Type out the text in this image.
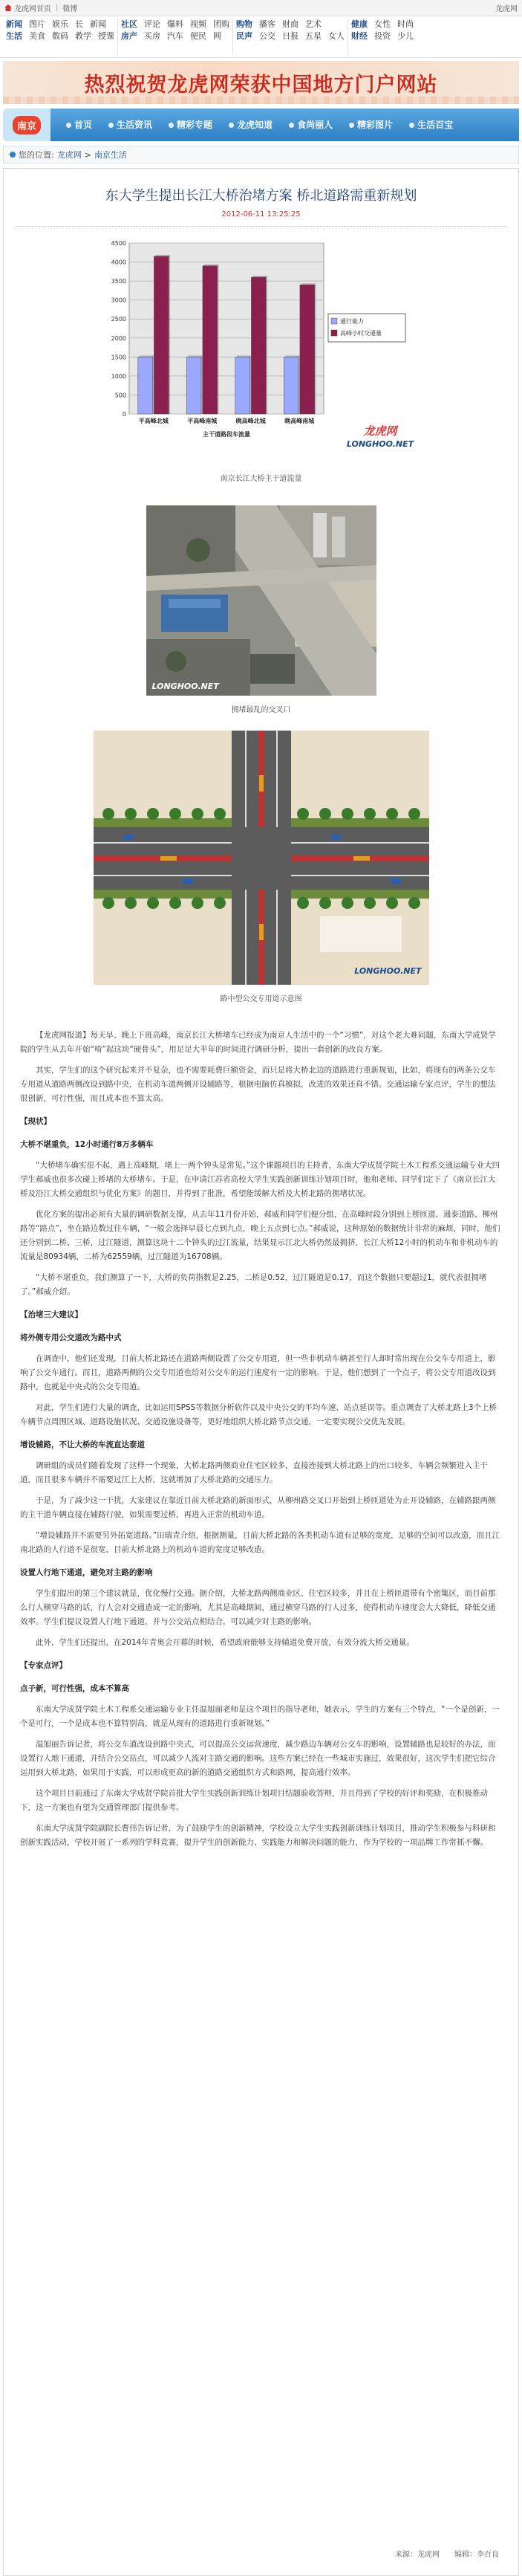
龙虎网首页 | 微博	龙虎网
新闻 图片 娱乐 长 新闻
生活 美食 数码 教学 授课
社区 评论 爆料 视频 团购
房产 买房 汽车 便民 网
购物 播客 财商 艺术
民声 公交 日报 五星 女人
健康 女性 时尚
财经 投资 少儿
热烈祝贺龙虎网荣获中国地方门户网站
南京	首页	生活资讯	精彩专题	龙虎知道	食尚丽人	精彩图片	生活百宝
您的位置: 龙虎网 > 南京生活
东大学生提出长江大桥治堵方案 桥北道路需重新规划
2012-06-11 13:25:25
0
500
1000
1500
2000
2500
3000
3500
4000
4500
平高峰北城	平高峰南城	晚高峰北城	晚高峰南城
主干道路段车流量
通行能力
高峰小时交通量
龙虎网
LONGHOO.NET
南京长江大桥主干道流量
LONGHOO.NET
拥堵最乱的交叉口
LONGHOO.NET
路中型公交专用道示意图

【龙虎网报道】每天早、晚上下班高峰，南京长江大桥堵车已经成为南京人生活中的一个“习惯”，对这个老大难问题，东南大学成贤学院的学生从去年开始“啃”起这块“硬骨头”，用足足大半年的时间进行调研分析，提出一套创新的改良方案。

其实，学生们的这个研究起来并不复杂，也不需要耗费巨额资金，而只是将大桥北边的道路进行重新规划，比如，将现有的两条公交车专用道从道路两侧改设到路中央，在机动车道两侧开设辅路等，根据电脑仿真模拟，改进的效果还真不错。交通运输专家点评，学生的想法很创新，可行性强，而且成本也不算太高。

【现状】

大桥不堪重负，12小时通行8万多辆车

“大桥堵车确实很不起，遇上高峰期，堵上一两个钟头是常见。”这个课题项目的主持者，东南大学成贤学院土木工程系交通运输专业大四学生郝威也很多次碰上桥堵的大桥堵车。于是，在申请江苏省高校大学生实践创新训练计划项目时，他和老师、同学们定下了《南京长江大桥及沿江大桥交通组织与优化方案》的题目，并得到了批准，希望能缓解大桥及大桥北路的拥堵状况。

优化方案的提出必须有大量的调研数据支撑，从去年11月份开始，郝威和同学们便分组，在高峰时段分别到上桥匝道、通泰道路、柳州路等“路点”，坐在路边数过往车辆，“一般会选择早晨七点到九点，晚上五点到七点。”郝威说，这种原始的数据统计非常的麻烦，同时，他们还分别到二桥、三桥，过江隧道，测算这块十二个钟头的过江流量，结果显示江北大桥仍然最拥挤，长江大桥12小时的机动车和非机动车的流量是80934辆，二桥为62559辆，过江隧道为16708辆。

“大桥不堪重负，我们测算了一下，大桥的负荷指数是2.25，二桥是0.52，过江隧道是0.17，而这个数据只要超过1，就代表很拥堵了。”郝威介绍。

【治堵三大建议】

将外侧专用公交道改为路中式

在调查中，他们还发现，目前大桥北路还在道路两侧设置了公交专用道，但一些非机动车辆甚至行人却时常出现在公交车专用道上，影响了公交车通行。而且，道路两侧的公交专用道也给对公交车的运行速度有一定的影响。于是，他们想到了一个点子，将公交专用道改设到路中，也就是中央式的公交专用道。

对此，学生们进行大量的调查，比如运用SPSS等数据分析软件以及中央公交的平均车速、站点延误等。重点调查了大桥北路上3个上桥车辆节点周围区域、道路设施状况、交通设施设备等，更好地组织大桥北路节点交通，一定要实现公交优先发展。

增设辅路，不让大桥的车流直达泰道

调研组的成员们随着发现了这样一个现象，大桥北路两侧商业住宅区较多，直接连接到大桥北路上的出口较多，车辆会频繁进入主干道，而且很多车辆并不需要过江上大桥，这就增加了大桥北路的交通压力。

于是，为了减少这一干扰，大家建议在靠近目前大桥北路的新面形式，从柳州路交叉口开始到上桥匝道处为止开设辅路，在辅路跟两侧的主干道车辆直接在辅路行驶，如果需要过桥，再进入正常的机动车道。

“增设辅路并不需要另外拓宽道路。”田瑞青介绍，根据测量，目前大桥北路的各类机动车道有足够的宽度，足够的空间可以改造，而且江南北路的人行道不是很宽，目前大桥北路上的机动车道的宽度足够改造。

设置人行地下通道，避免对主路的影响

学生们提出的第三个建议就是，优化慢行交通。据介绍，大桥北路两侧商业区、住宅区较多，并且在上桥匝道带有个密集区，而目前那么行人横穿马路的话，行人会对交通造成一定的影响，尤其是高峰期间，通过横穿马路的行人过多，使得机动车速度会大大降低，降低交通效率。学生们提议设置人行地下通道，并与公交站点相结合，可以减少对主路的影响。

此外，学生们还提出，在2014年青奥会开幕的时候，希望政府能够支持辅道免费开放，有效分流大桥交通量。

【专家点评】

点子新，可行性强，成本不算高

东南大学成贤学院土木工程系交通运输专业主任温旭丽老师是这个项目的指导老师，她表示，学生的方案有三个特点，“一个是创新，一个是可行，一个是成本也不算特别高，就是从现有的道路进行重新规划。”

温旭丽告诉记者，将公交车道改设到路中央式，可以提高公交运营速度，减少路边车辆对公交车的影响，设置辅路也是较好的办法，而设置行人地下通道，并结合公交站点，可以减少人流对主路交通的影响。这些方案已经在一些城市实施过，效果很好，这次学生们把它综合运用到大桥北路，如果用于实践，可以形成更高的新的道路交通组织方式和路网，提高通行效率。

这个项目目前通过了东南大学成贤学院首批大学生实践创新训练计划项目结题验收答辩，并且得到了学校的好评和奖励，在积极推动下，这一方案也有望为交通管理部门提供参考。

东南大学成贤学院副院长曹伟告诉记者，为了鼓励学生的创新精神，学校设立大学生实践创新训练计划项目，推动学生积极参与科研和创新实践活动，学校开展了一系列的学科竞赛，提升学生的创新能力、实践能力和解决问题的能力，作为学校的一项品牌工作常抓不懈。

来源：龙虎网　　编辑：李百良
